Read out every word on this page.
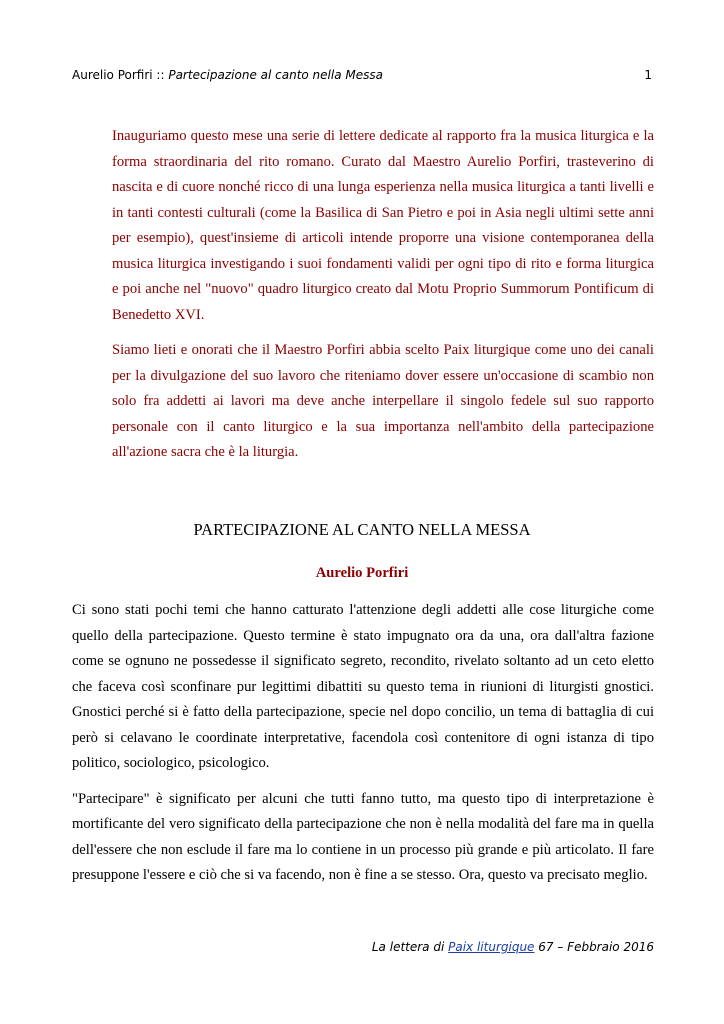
Aurelio Porfiri :: Partecipazione al canto nella Messa	1

Inauguriamo questo mese una serie di lettere dedicate al rapporto fra la musica liturgica e la forma straordinaria del rito romano. Curato dal Maestro Aurelio Porfiri, trasteverino di nascita e di cuore nonché ricco di una lunga esperienza nella musica liturgica a tanti livelli e in tanti contesti culturali (come la Basilica di San Pietro e poi in Asia negli ultimi sette anni per esempio), quest'insieme di articoli intende proporre una visione contemporanea della musica liturgica investigando i suoi fondamenti validi per ogni tipo di rito e forma liturgica e poi anche nel "nuovo" quadro liturgico creato dal Motu Proprio Summorum Pontificum di Benedetto XVI.

Siamo lieti e onorati che il Maestro Porfiri abbia scelto Paix liturgique come uno dei canali per la divulgazione del suo lavoro che riteniamo dover essere un'occasione di scambio non solo fra addetti ai lavori ma deve anche interpellare il singolo fedele sul suo rapporto personale con il canto liturgico e la sua importanza nell'ambito della partecipazione all'azione sacra che è la liturgia.

PARTECIPAZIONE AL CANTO NELLA MESSA
Aurelio Porfiri

Ci sono stati pochi temi che hanno catturato l'attenzione degli addetti alle cose liturgiche come quello della partecipazione. Questo termine è stato impugnato ora da una, ora dall'altra fazione come se ognuno ne possedesse il significato segreto, recondito, rivelato soltanto ad un ceto eletto che faceva così sconfinare pur legittimi dibattiti su questo tema in riunioni di liturgisti gnostici. Gnostici perché si è fatto della partecipazione, specie nel dopo concilio, un tema di battaglia di cui però si celavano le coordinate interpretative, facendola così contenitore di ogni istanza di tipo politico, sociologico, psicologico.

"Partecipare" è significato per alcuni che tutti fanno tutto, ma questo tipo di interpretazione è mortificante del vero significato della partecipazione che non è nella modalità del fare ma in quella dell'essere che non esclude il fare ma lo contiene in un processo più grande e più articolato. Il fare presuppone l'essere e ciò che si va facendo, non è fine a se stesso. Ora, questo va precisato meglio.

La lettera di Paix liturgique 67 – Febbraio 2016
